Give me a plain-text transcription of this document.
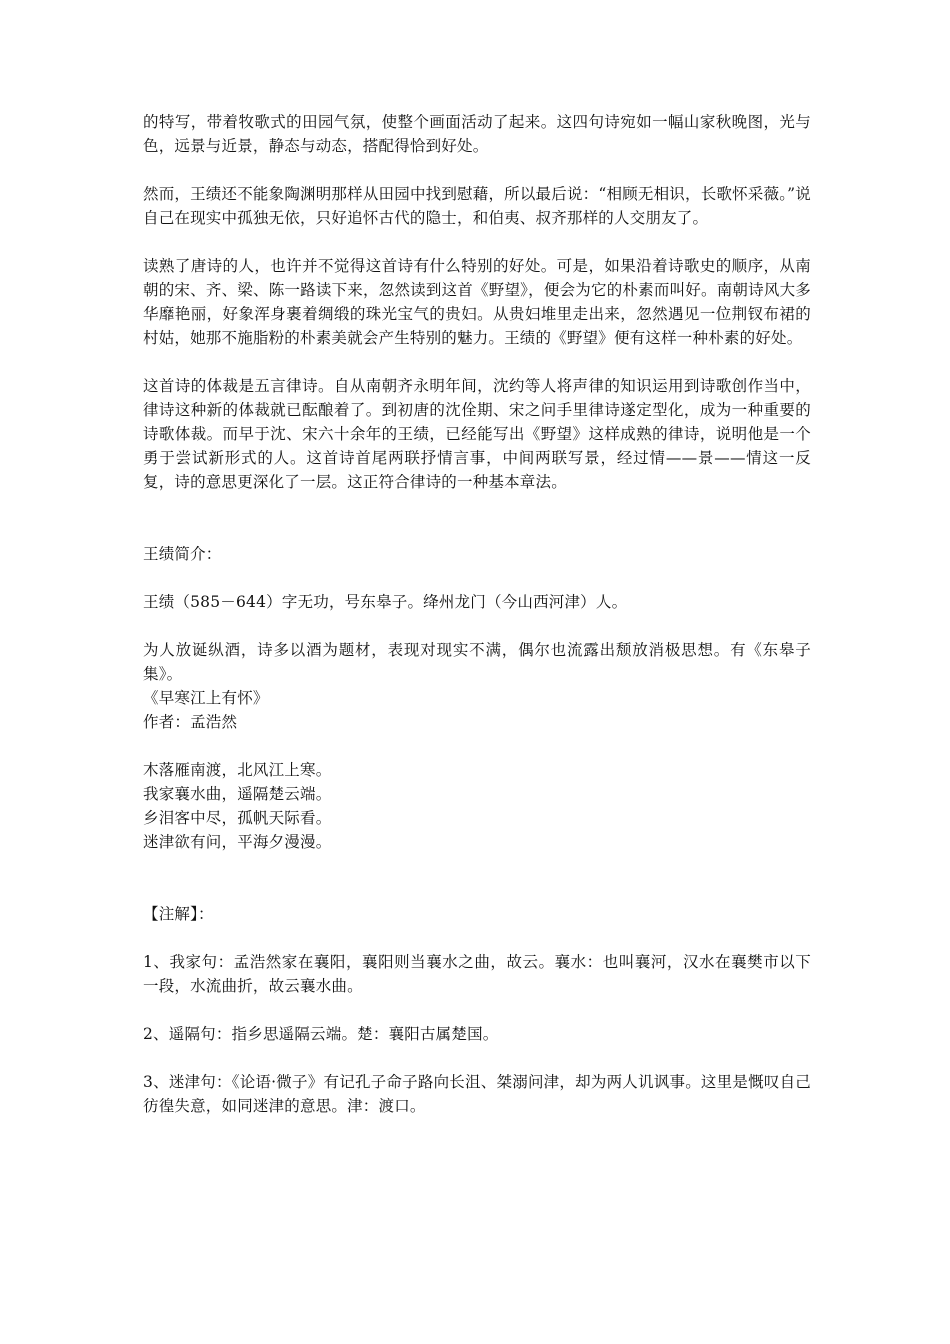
的特写，带着牧歌式的田园气氛，使整个画面活动了起来。这四句诗宛如一幅山家秋晚图，光与色，远景与近景，静态与动态，搭配得恰到好处。

然而，王绩还不能象陶渊明那样从田园中找到慰藉，所以最后说：“相顾无相识，长歌怀采薇。”说自己在现实中孤独无依，只好追怀古代的隐士，和伯夷、叔齐那样的人交朋友了。

读熟了唐诗的人，也许并不觉得这首诗有什么特别的好处。可是，如果沿着诗歌史的顺序，从南朝的宋、齐、梁、陈一路读下来，忽然读到这首《野望》，便会为它的朴素而叫好。南朝诗风大多华靡艳丽，好象浑身裹着绸缎的珠光宝气的贵妇。从贵妇堆里走出来，忽然遇见一位荆钗布裙的村姑，她那不施脂粉的朴素美就会产生特别的魅力。王绩的《野望》便有这样一种朴素的好处。

这首诗的体裁是五言律诗。自从南朝齐永明年间，沈约等人将声律的知识运用到诗歌创作当中，律诗这种新的体裁就已酝酿着了。到初唐的沈佺期、宋之问手里律诗遂定型化，成为一种重要的诗歌体裁。而早于沈、宋六十余年的王绩，已经能写出《野望》这样成熟的律诗，说明他是一个勇于尝试新形式的人。这首诗首尾两联抒情言事，中间两联写景，经过情——景——情这一反复，诗的意思更深化了一层。这正符合律诗的一种基本章法。

王绩简介：

王绩（585－644）字无功，号东皋子。绛州龙门（今山西河津）人。

为人放诞纵酒，诗多以酒为题材，表现对现实不满，偶尔也流露出颓放消极思想。有《东皋子集》。

《早寒江上有怀》

作者：孟浩然

木落雁南渡，北风江上寒。

我家襄水曲，遥隔楚云端。

乡泪客中尽，孤帆天际看。

迷津欲有问，平海夕漫漫。

【注解】：

1、我家句：孟浩然家在襄阳，襄阳则当襄水之曲，故云。襄水：也叫襄河，汉水在襄樊市以下一段，水流曲折，故云襄水曲。

2、遥隔句：指乡思遥隔云端。楚：襄阳古属楚国。

3、迷津句：《论语·微子》有记孔子命子路向长沮、桀溺问津，却为两人讥讽事。这里是慨叹自己彷徨失意，如同迷津的意思。津：渡口。
